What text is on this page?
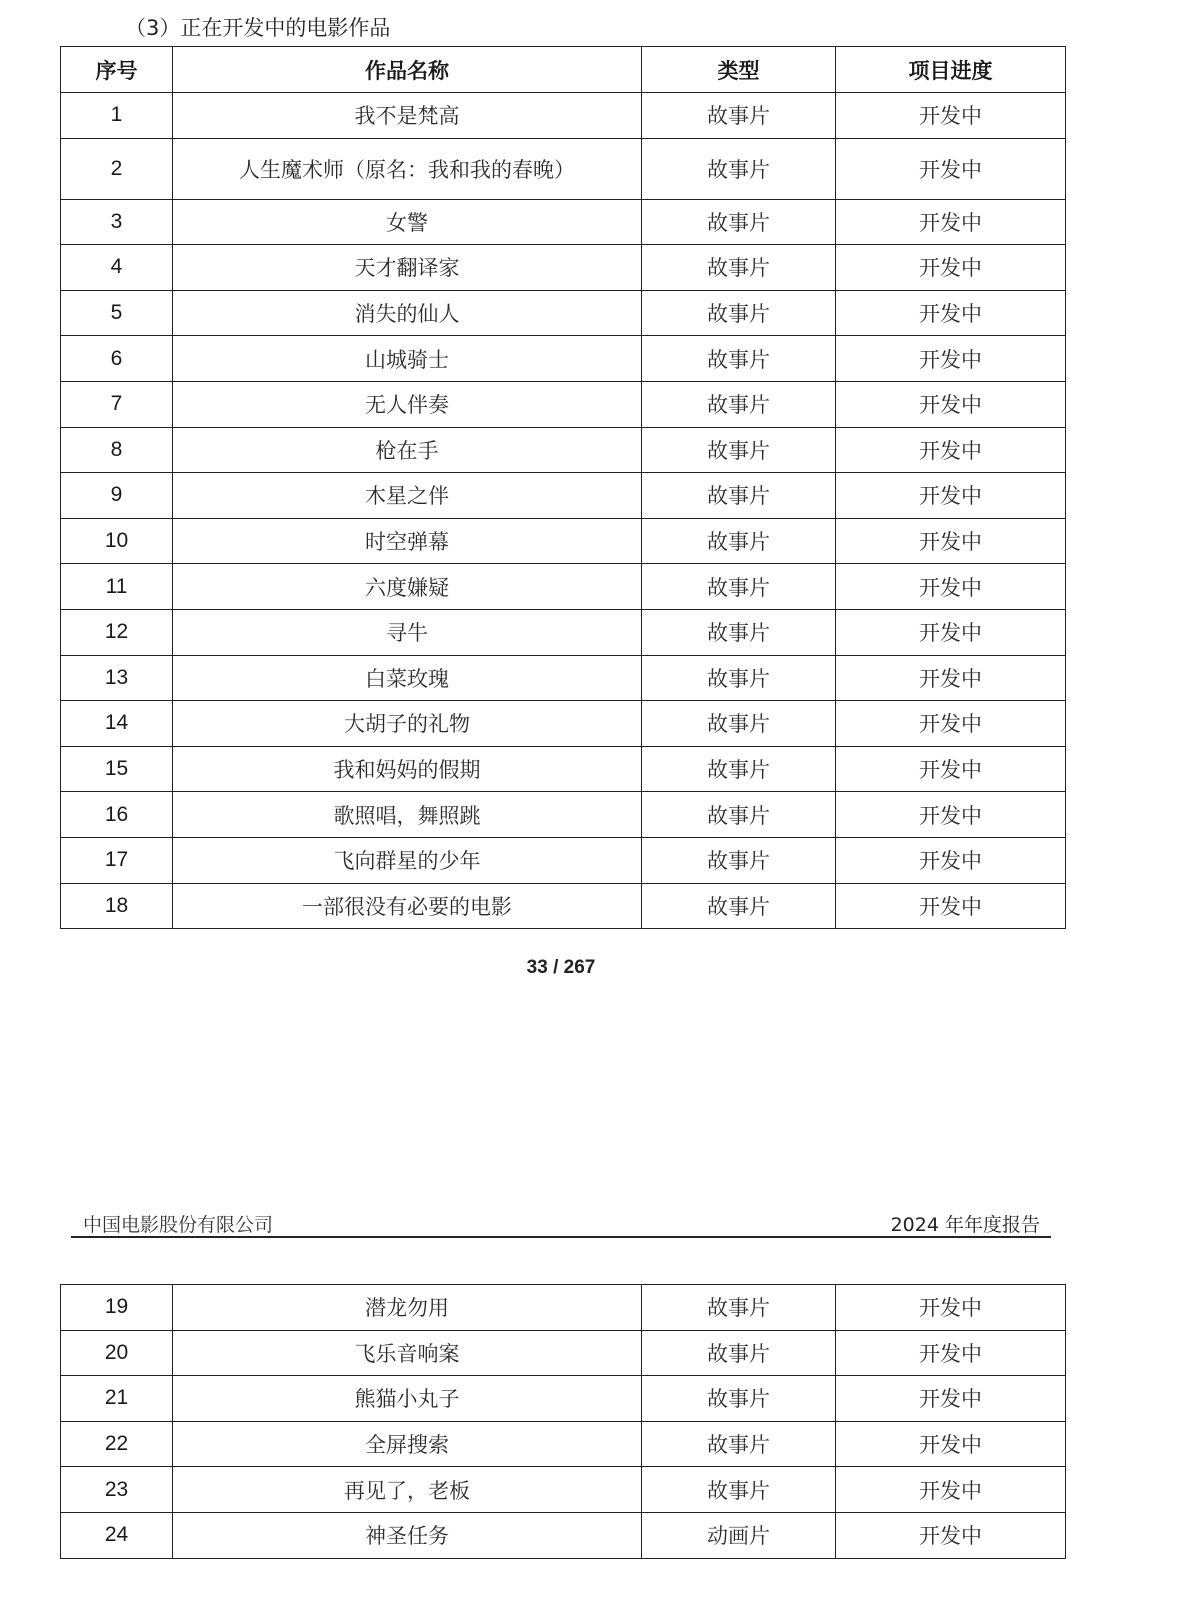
（3）正在开发中的电影作品
序号	作品名称	类型	项目进度
1	我不是梵高	故事片	开发中
2	人生魔术师（原名：我和我的春晚）	故事片	开发中
3	女警	故事片	开发中
4	天才翻译家	故事片	开发中
5	消失的仙人	故事片	开发中
6	山城骑士	故事片	开发中
7	无人伴奏	故事片	开发中
8	枪在手	故事片	开发中
9	木星之伴	故事片	开发中
10	时空弹幕	故事片	开发中
11	六度嫌疑	故事片	开发中
12	寻牛	故事片	开发中
13	白菜玫瑰	故事片	开发中
14	大胡子的礼物	故事片	开发中
15	我和妈妈的假期	故事片	开发中
16	歌照唱，舞照跳	故事片	开发中
17	飞向群星的少年	故事片	开发中
18	一部很没有必要的电影	故事片	开发中
33 / 267
中国电影股份有限公司	2024 年年度报告
19	潜龙勿用	故事片	开发中
20	飞乐音响案	故事片	开发中
21	熊猫小丸子	故事片	开发中
22	全屏搜索	故事片	开发中
23	再见了，老板	故事片	开发中
24	神圣任务	动画片	开发中
